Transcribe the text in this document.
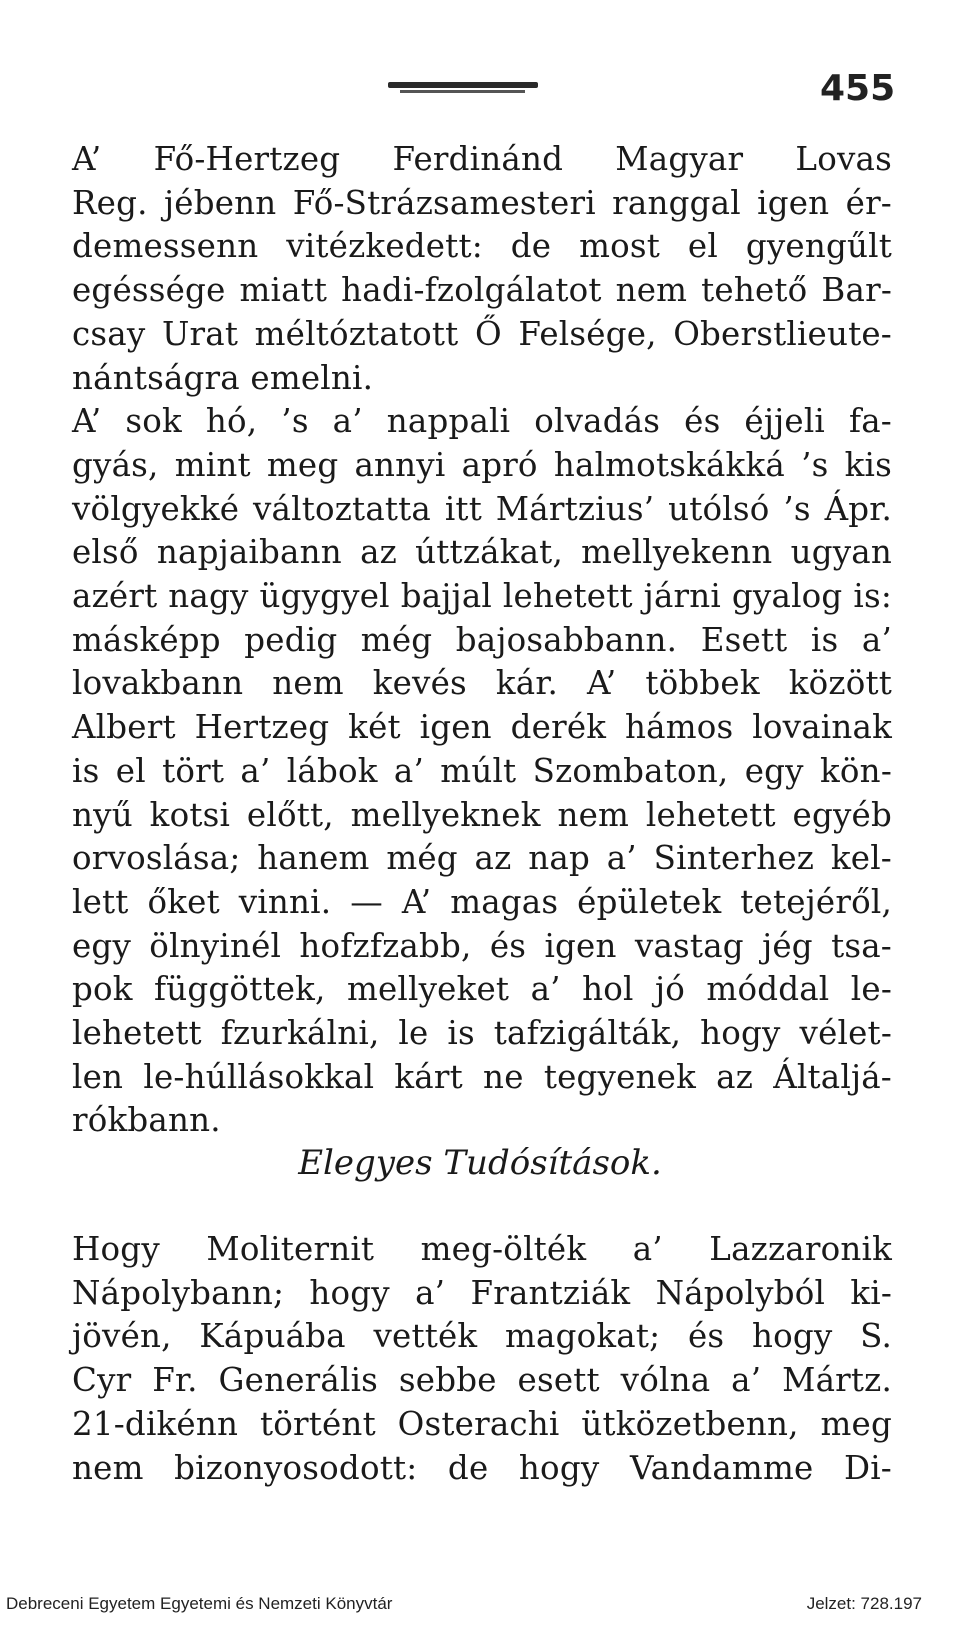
455
A’ Fő-Hertzeg Ferdinánd Magyar Lovas
Reg. jébenn Fő-Strázsamesteri ranggal igen ér-
demessenn vitézkedett: de most el gyengűlt
egéssége miatt hadi-fzolgálatot nem tehető Bar-
csay Urat méltóztatott Ő Felsége, Oberstlieute-
nántságra emelni.
A’ sok hó, ’s a’ nappali olvadás és éjjeli fa-
gyás, mint meg annyi apró halmotskákká ’s kis
völgyekké változtatta itt Mártzius’ utólsó ’s Ápr.
első napjaibann az úttzákat, mellyekenn ugyan
azért nagy ügygyel bajjal lehetett járni gyalog is:
másképp pedig még bajosabbann. Esett is a’
lovakbann nem kevés kár. A’ többek között
Albert Hertzeg két igen derék hámos lovainak
is el tört a’ lábok a’ múlt Szombaton, egy kön-
nyű kotsi előtt, mellyeknek nem lehetett egyéb
orvoslása; hanem még az nap a’ Sinterhez kel-
lett őket vinni. — A’ magas épületek tetejéről,
egy ölnyinél hofzfzabb, és igen vastag jég tsa-
pok függöttek, mellyeket a’ hol jó móddal le-
lehetett fzurkálni, le is tafzigálták, hogy vélet-
len le-húllásokkal kárt ne tegyenek az Általjá-
rókbann.
Elegyes Tudósítások.
Hogy Moliternit meg-ölték a’ Lazzaronik
Nápolybann; hogy a’ Frantziák Nápolyból ki-
jövén, Kápuába vették magokat; és hogy S.
Cyr Fr. Generális sebbe esett vólna a’ Mártz.
21-dikénn történt Osterachi ütközetbenn, meg
nem bizonyosodott: de hogy Vandamme Di-
Debreceni Egyetem Egyetemi és Nemzeti Könyvtár	Jelzet: 728.197
